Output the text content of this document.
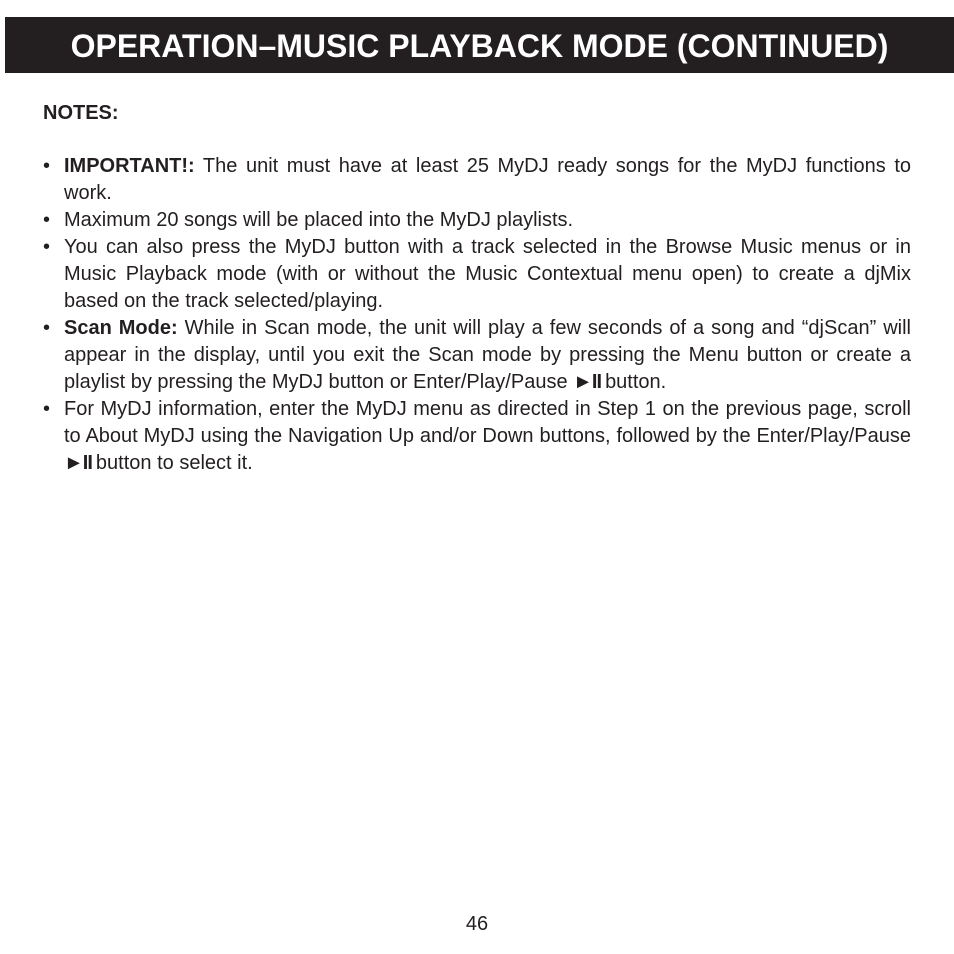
OPERATION–MUSIC PLAYBACK MODE (CONTINUED)
NOTES:
• IMPORTANT!: The unit must have at least 25 MyDJ ready songs for the MyDJ functions to work.
• Maximum 20 songs will be placed into the MyDJ playlists.
• You can also press the MyDJ button with a track selected in the Browse Music menus or in Music Playback mode (with or without the Music Contextual menu open) to create a djMix based on the track selected/playing.
• Scan Mode: While in Scan mode, the unit will play a few seconds of a song and “djScan” will appear in the display, until you exit the Scan mode by pressing the Menu button or create a playlist by pressing the MyDJ button or Enter/Play/Pause ►II button.
• For MyDJ information, enter the MyDJ menu as directed in Step 1 on the previous page, scroll to About MyDJ using the Navigation Up and/or Down buttons, followed by the Enter/Play/Pause ►II button to select it.
46
